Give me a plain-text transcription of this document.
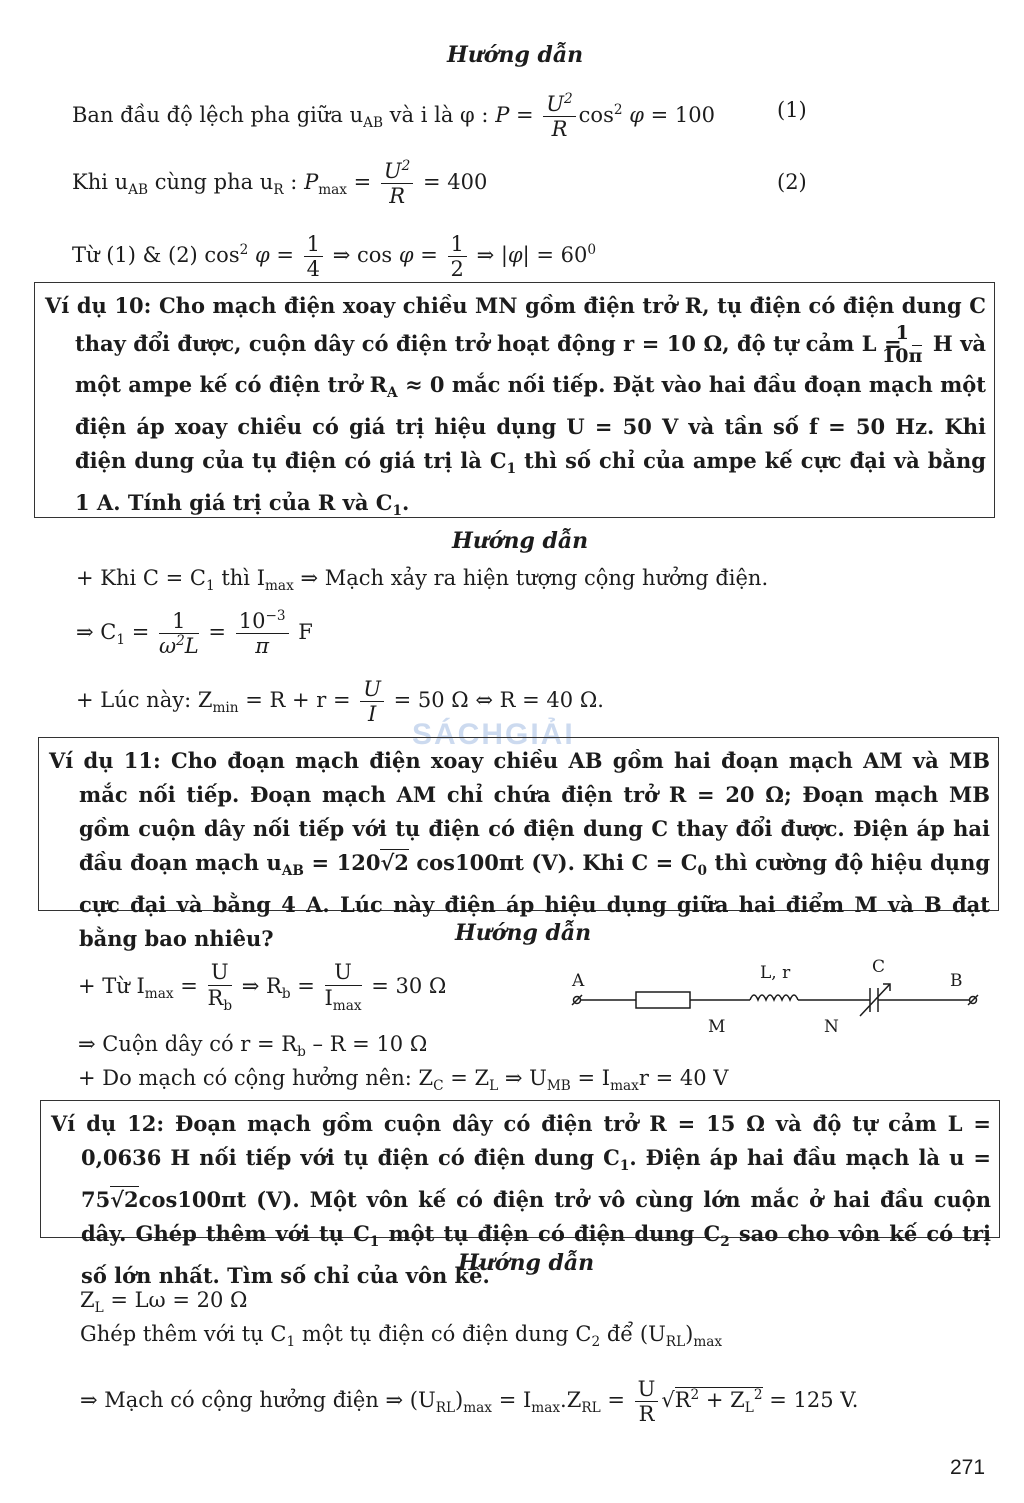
Hướng dẫn
Ban đầu độ lệch pha giữa $u_{AB}$ và i là φ : $P = \frac{U^2}{R} \cos^2 \varphi = 100$	(1)
Khi $u_{AB}$ cùng pha $u_R$ : $P_{max} = \frac{U^2}{R} = 400$	(2)
Từ (1) & (2) $\cos^2 \varphi = \frac{1}{4}$ ⇒ $\cos \varphi = \frac{1}{2}$ ⇒ $|\varphi| = 60^0$
Ví dụ 10: Cho mạch điện xoay chiều MN gồm điện trở R, tụ điện có điện dung C thay đổi được, cuộn dây có điện trở hoạt động r = 10 Ω, độ tự cảm $L = \frac{1}{10\pi}$ H và một ampe kế có điện trở $R_A \approx 0$ mắc nối tiếp. Đặt vào hai đầu đoạn mạch một điện áp xoay chiều có giá trị hiệu dụng U = 50 V và tần số f = 50 Hz. Khi điện dung của tụ điện có giá trị là $C_1$ thì số chỉ của ampe kế cực đại và bằng 1 A. Tính giá trị của R và $C_1$.
Hướng dẫn
+ Khi $C = C_1$ thì $I_{max}$ ⇒ Mạch xảy ra hiện tượng cộng hưởng điện.
⇒ $C_1 = \frac{1}{\omega^2L} = \frac{10^{-3}}{\pi}$ F
+ Lúc này: $Z_{min} = R + r = \frac{U}{I} = 50$ Ω ⇔ R = 40 Ω.
SÁCHGIẢI
Ví dụ 11: Cho đoạn mạch điện xoay chiều AB gồm hai đoạn mạch AM và MB mắc nối tiếp. Đoạn mạch AM chỉ chứa điện trở R = 20 Ω; Đoạn mạch MB gồm cuộn dây nối tiếp với tụ điện có điện dung C thay đổi được. Điện áp hai đầu đoạn mạch $u_{AB} = 120√2$ cos100πt (V). Khi $C = C_0$ thì cường độ hiệu dụng cực đại và bằng 4 A. Lúc này điện áp hiệu dụng giữa hai điểm M và B đạt bằng bao nhiêu?	Hướng dẫn
+ Từ $I_{max} = \frac{U}{R_b}$ ⇒ $R_b = \frac{U}{I_{max}} = 30$ Ω
⇒ Cuộn dây có $r = R_b - R = 10$ Ω
+ Do mạch có cộng hưởng nên: $Z_C = Z_L$ ⇒ $U_{MB} = I_{max}r = 40$ V
A
M	N
L, r	C
B
Ví dụ 12: Đoạn mạch gồm cuộn dây có điện trở R = 15 Ω và độ tự cảm L = 0,0636 H nối tiếp với tụ điện có điện dung $C_1$. Điện áp hai đầu mạch là u = 75√2cos100πt (V). Một vôn kế có điện trở vô cùng lớn mắc ở hai đầu cuộn dây. Ghép thêm với tụ $C_1$ một tụ điện có điện dung $C_2$ sao cho vôn kế có trị số lớn nhất. Tìm số chỉ của vôn kế.
Hướng dẫn
$Z_L = L\omega = 20$ Ω
Ghép thêm với tụ $C_1$ một tụ điện có điện dung $C_2$ để $(U_{RL})_{max}$
⇒ Mạch có cộng hưởng điện ⇒ $(U_{RL})_{max} = I_{max}.Z_{RL} = \frac{U}{R} √R^2 + Z_L^2 = 125$ V.
271
